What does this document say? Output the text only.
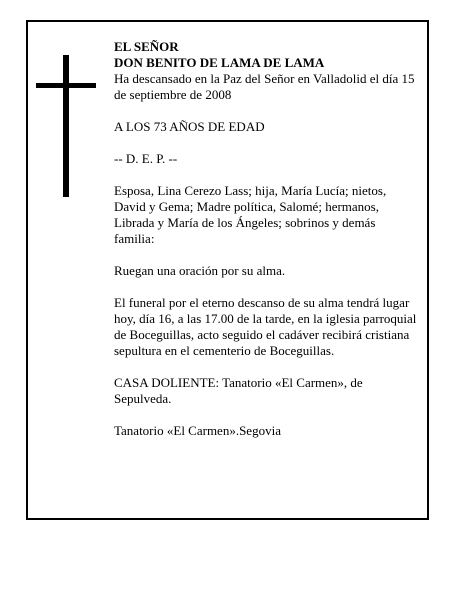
EL SEÑOR
DON BENITO DE LAMA DE LAMA

Ha descansado en la Paz del Señor en Valladolid el día 15 de septiembre de 2008

A LOS 73 AÑOS DE EDAD

-- D. E. P. --

Esposa, Lina Cerezo Lass; hija, María Lucía; nietos, David y Gema; Madre política, Salomé; hermanos, Librada y María de los Ángeles; sobrinos y demás familia:

Ruegan una oración por su alma.

El funeral por el eterno descanso de su alma tendrá lugar hoy, día 16, a las 17.00 de la tarde, en la iglesia parroquial de Boceguillas, acto seguido el cadáver recibirá cristiana sepultura en el cementerio de Boceguillas.

CASA DOLIENTE: Tanatorio «El Carmen», de Sepulveda.

Tanatorio «El Carmen».Segovia
